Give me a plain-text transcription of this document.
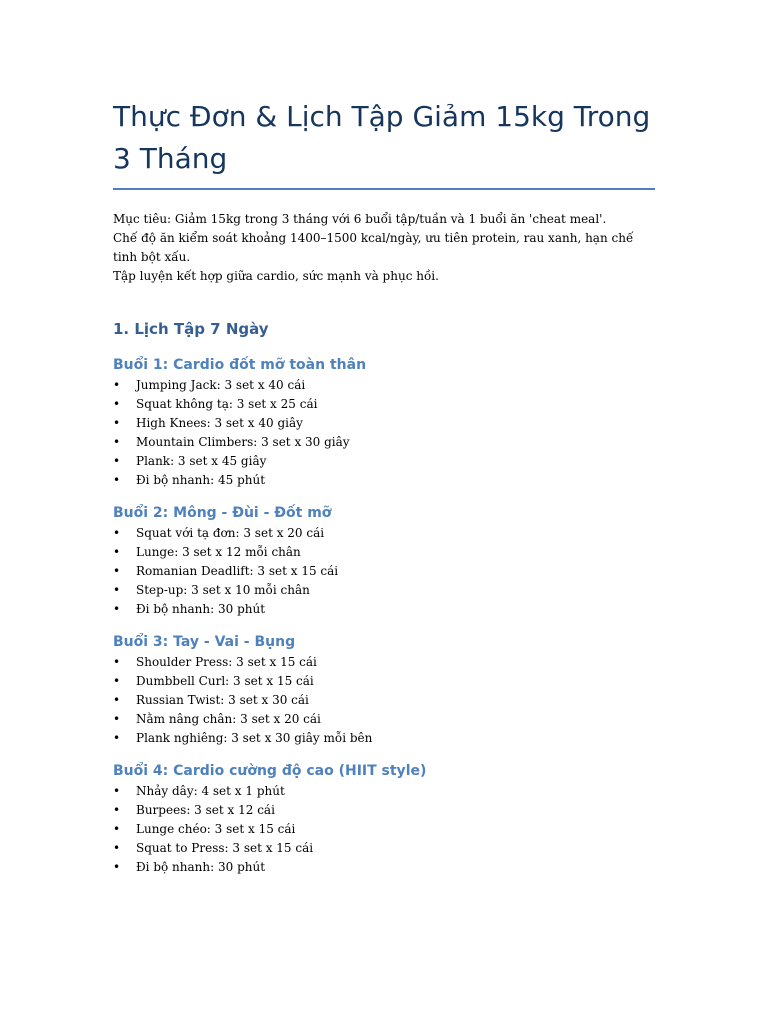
Thực Đơn & Lịch Tập Giảm 15kg Trong 3 Tháng

Mục tiêu: Giảm 15kg trong 3 tháng với 6 buổi tập/tuần và 1 buổi ăn 'cheat meal'.

Chế độ ăn kiểm soát khoảng 1400–1500 kcal/ngày, ưu tiên protein, rau xanh, hạn chế tinh bột xấu.

Tập luyện kết hợp giữa cardio, sức mạnh và phục hồi.

1. Lịch Tập 7 Ngày
Buổi 1: Cardio đốt mỡ toàn thân
• Jumping Jack: 3 set x 40 cái
• Squat không tạ: 3 set x 25 cái
• High Knees: 3 set x 40 giây
• Mountain Climbers: 3 set x 30 giây
• Plank: 3 set x 45 giây
• Đi bộ nhanh: 45 phút
Buổi 2: Mông - Đùi - Đốt mỡ
• Squat với tạ đơn: 3 set x 20 cái
• Lunge: 3 set x 12 mỗi chân
• Romanian Deadlift: 3 set x 15 cái
• Step-up: 3 set x 10 mỗi chân
• Đi bộ nhanh: 30 phút
Buổi 3: Tay - Vai - Bụng
• Shoulder Press: 3 set x 15 cái
• Dumbbell Curl: 3 set x 15 cái
• Russian Twist: 3 set x 30 cái
• Nằm nâng chân: 3 set x 20 cái
• Plank nghiêng: 3 set x 30 giây mỗi bên
Buổi 4: Cardio cường độ cao (HIIT style)
• Nhảy dây: 4 set x 1 phút
• Burpees: 3 set x 12 cái
• Lunge chéo: 3 set x 15 cái
• Squat to Press: 3 set x 15 cái
• Đi bộ nhanh: 30 phút
